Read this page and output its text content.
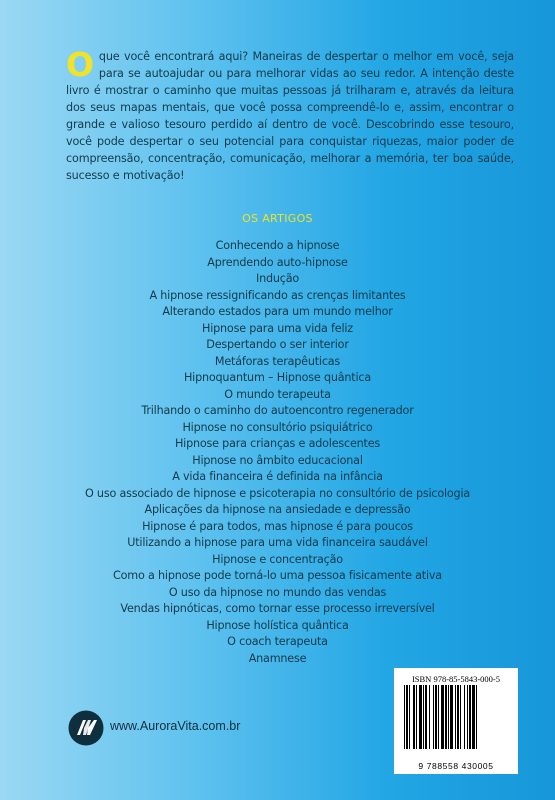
O que você encontrará aqui? Maneiras de despertar o melhor em você, seja para se autoajudar ou para melhorar vidas ao seu redor. A intenção deste livro é mostrar o caminho que muitas pessoas já trilharam e, através da leitura dos seus mapas mentais, que você possa compreendê-lo e, assim, encontrar o grande e valioso tesouro perdido aí dentro de você. Descobrindo esse tesouro, você pode despertar o seu potencial para conquistar riquezas, maior poder de compreensão, concentração, comunicação, melhorar a memória, ter boa saúde, sucesso e motivação!
OS ARTIGOS
Conhecendo a hipnose
Aprendendo auto-hipnose
Indução
A hipnose ressignificando as crenças limitantes
Alterando estados para um mundo melhor
Hipnose para uma vida feliz
Despertando o ser interior
Metáforas terapêuticas
Hipnoquantum – Hipnose quântica
O mundo terapeuta
Trilhando o caminho do autoencontro regenerador
Hipnose no consultório psiquiátrico
Hipnose para crianças e adolescentes
Hipnose no âmbito educacional
A vida financeira é definida na infância
O uso associado de hipnose e psicoterapia no consultório de psicologia
Aplicações da hipnose na ansiedade e depressão
Hipnose é para todos, mas hipnose é para poucos
Utilizando a hipnose para uma vida financeira saudável
Hipnose e concentração
Como a hipnose pode torná-lo uma pessoa fisicamente ativa
O uso da hipnose no mundo das vendas
Vendas hipnóticas, como tornar esse processo irreversível
Hipnose holística quântica
O coach terapeuta
Anamnese
ISBN 978-85-5843-000-5
9 788558 430005
www.AuroraVita.com.br
